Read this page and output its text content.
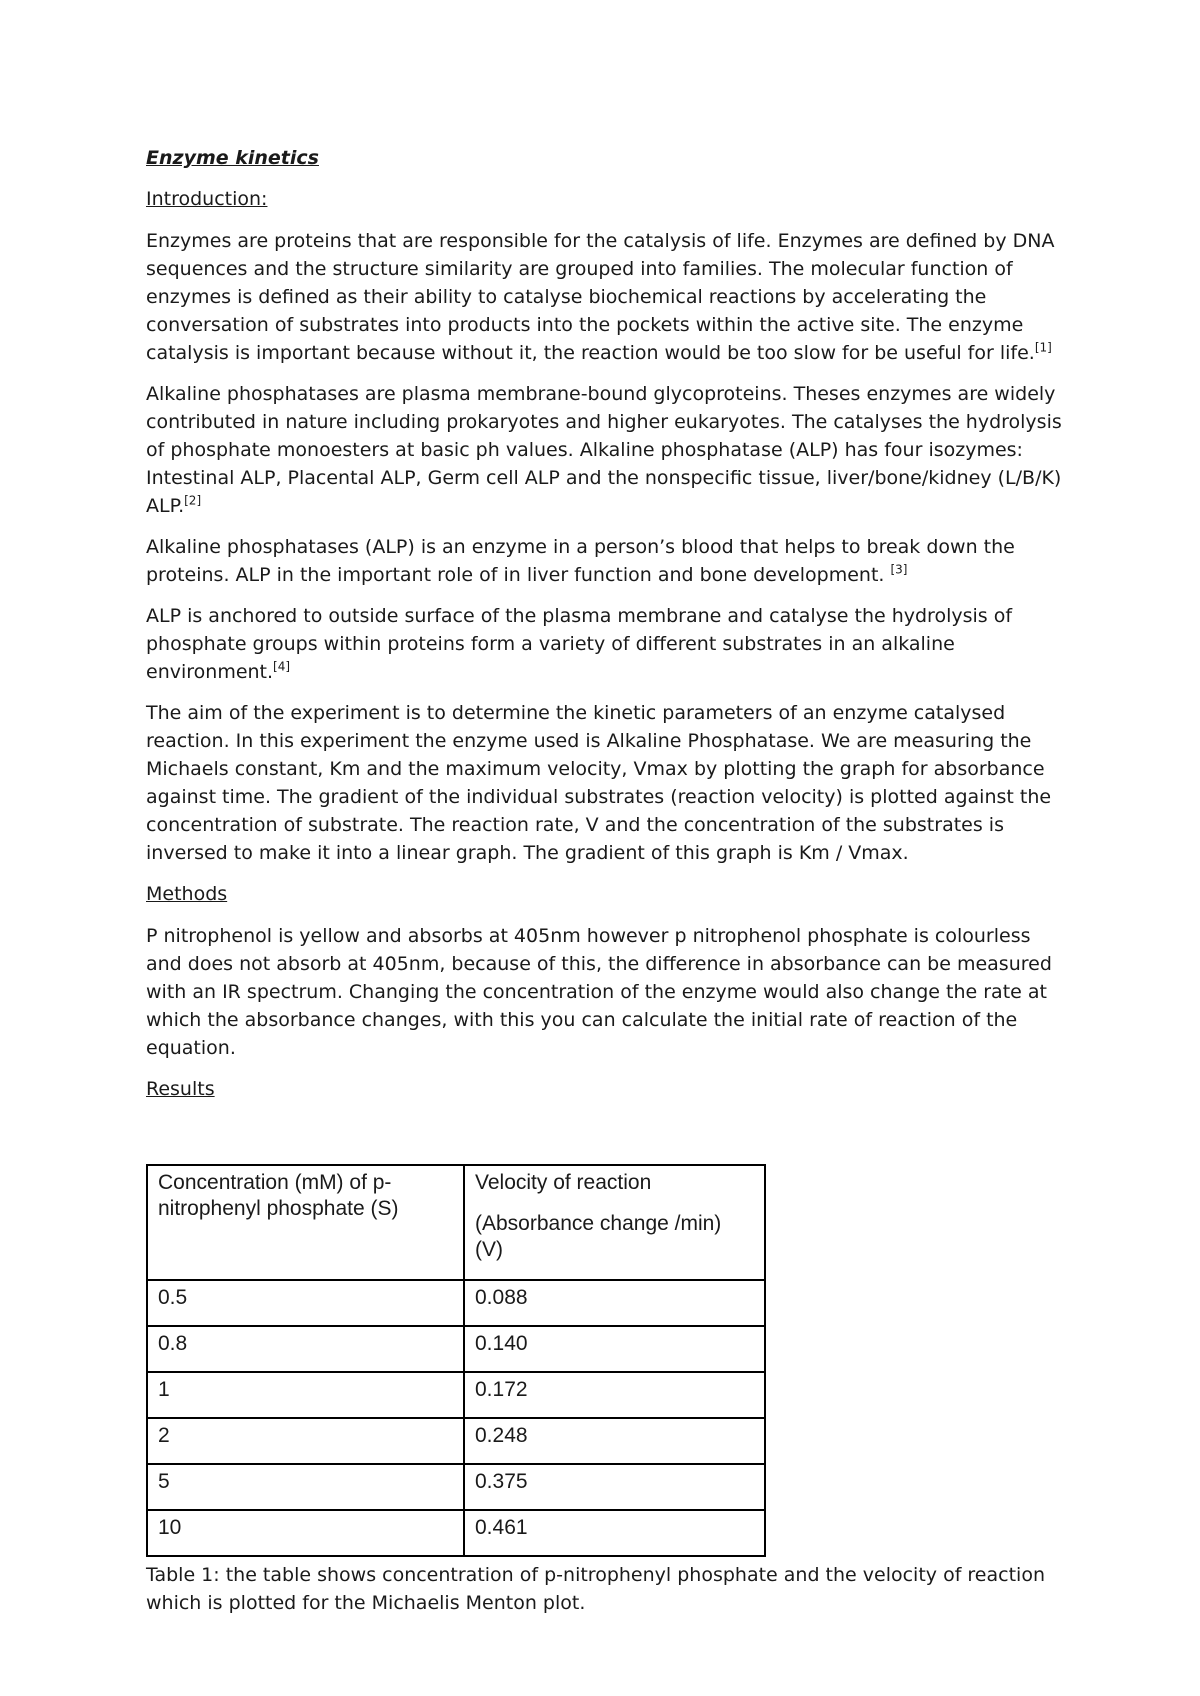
Enzyme kinetics
Introduction:

Enzymes are proteins that are responsible for the catalysis of life. Enzymes are defined by DNA sequences and the structure similarity are grouped into families. The molecular function of enzymes is defined as their ability to catalyse biochemical reactions by accelerating the conversation of substrates into products into the pockets within the active site. The enzyme catalysis is important because without it, the reaction would be too slow for be useful for life.[1]

Alkaline phosphatases are plasma membrane-bound glycoproteins. Theses enzymes are widely contributed in nature including prokaryotes and higher eukaryotes. The catalyses the hydrolysis of phosphate monoesters at basic ph values. Alkaline phosphatase (ALP) has four isozymes: Intestinal ALP, Placental ALP, Germ cell ALP and the nonspecific tissue, liver/bone/kidney (L/B/K) ALP.[2]

Alkaline phosphatases (ALP) is an enzyme in a person’s blood that helps to break down the proteins. ALP in the important role of in liver function and bone development. [3]

ALP is anchored to outside surface of the plasma membrane and catalyse the hydrolysis of phosphate groups within proteins form a variety of different substrates in an alkaline environment.[4]

The aim of the experiment is to determine the kinetic parameters of an enzyme catalysed reaction. In this experiment the enzyme used is Alkaline Phosphatase. We are measuring the Michaels constant, Km and the maximum velocity, Vmax by plotting the graph for absorbance against time. The gradient of the individual substrates (reaction velocity) is plotted against the concentration of substrate. The reaction rate, V and the concentration of the substrates is inversed to make it into a linear graph. The gradient of this graph is Km / Vmax.

Methods

P nitrophenol is yellow and absorbs at 405nm however p nitrophenol phosphate is colourless and does not absorb at 405nm, because of this, the difference in absorbance can be measured with an IR spectrum. Changing the concentration of the enzyme would also change the rate at which the absorbance changes, with this you can calculate the initial rate of reaction of the equation.

Results
Concentration (mM) of p-nitrophenyl phosphate (S)	Velocity of reaction
(Absorbance change /min) (V)

0.5	0.088
0.8	0.140
1	0.172
2	0.248
5	0.375
10	0.461
Table 1: the table shows concentration of p-nitrophenyl phosphate and the velocity of reaction which is plotted for the Michaelis Menton plot.
